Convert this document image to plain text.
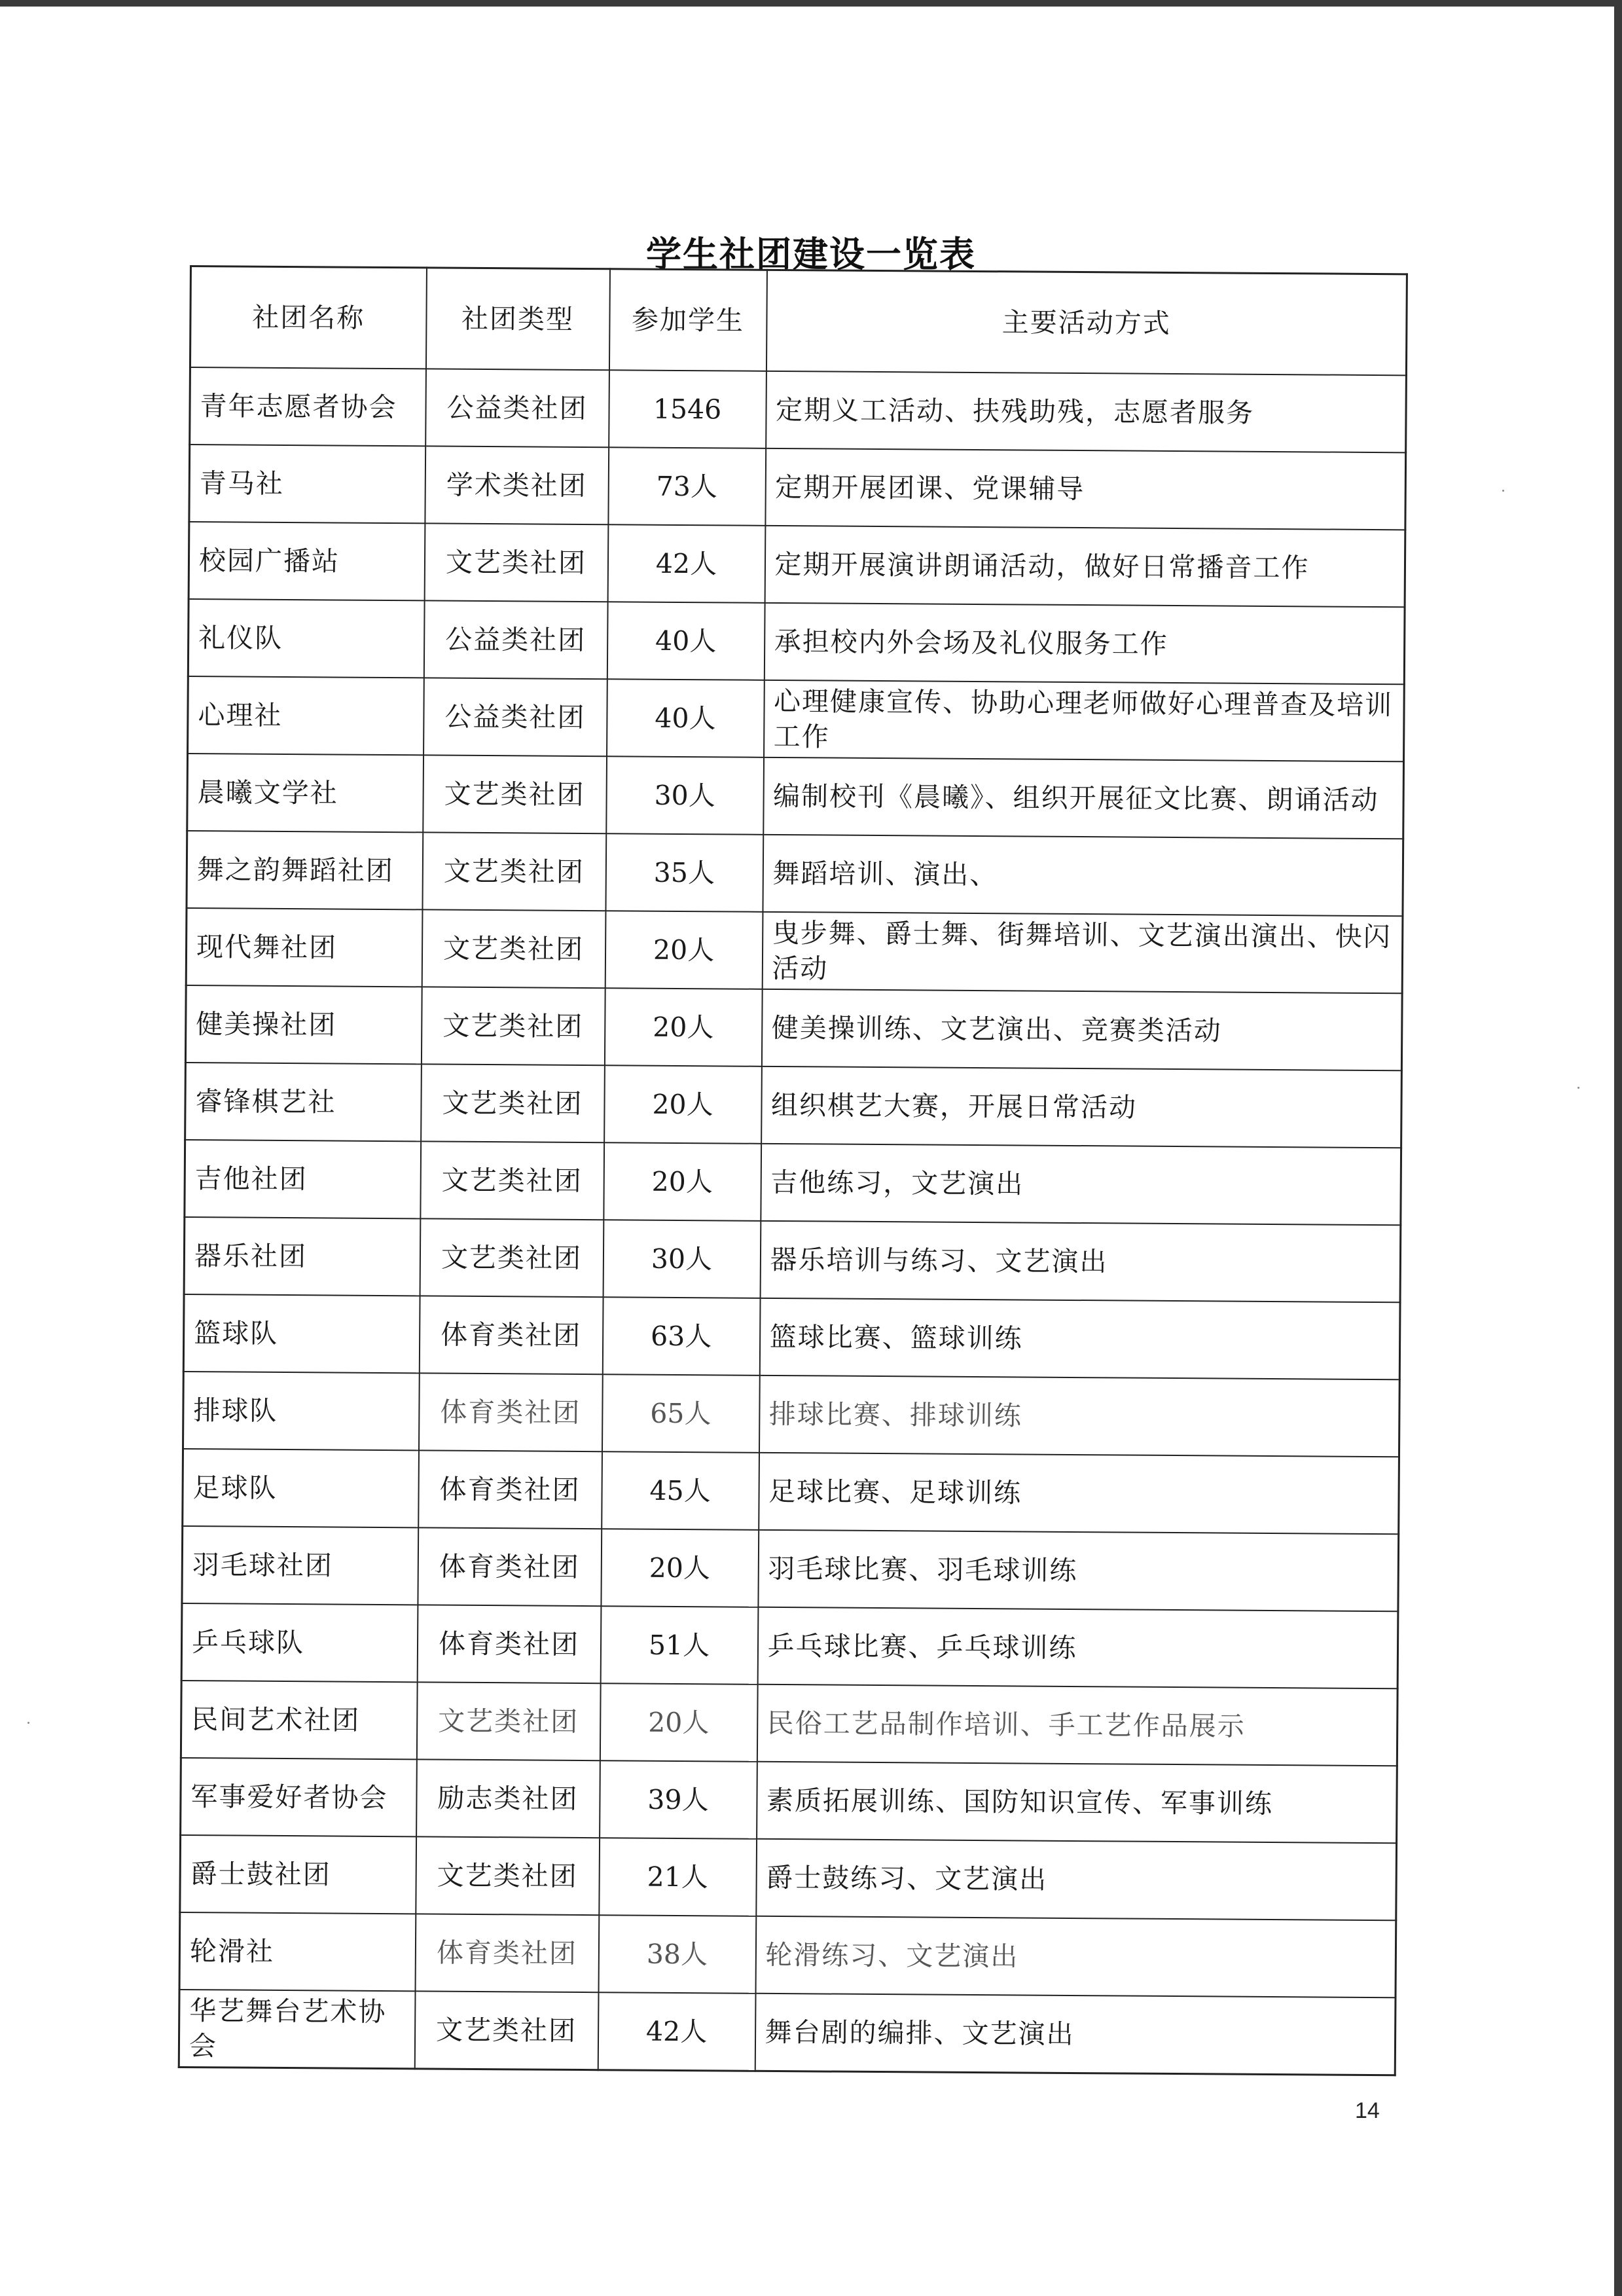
学生社团建设一览表
社团名称	社团类型	参加学生	主要活动方式
青年志愿者协会	公益类社团	1546	定期义工活动、扶残助残，志愿者服务
青马社	学术类社团	73人	定期开展团课、党课辅导
校园广播站	文艺类社团	42人	定期开展演讲朗诵活动，做好日常播音工作
礼仪队	公益类社团	40人	承担校内外会场及礼仪服务工作
心理社	公益类社团	40人	心理健康宣传、协助心理老师做好心理普查及培训工作
晨曦文学社	文艺类社团	30人	编制校刊《晨曦》、组织开展征文比赛、朗诵活动
舞之韵舞蹈社团	文艺类社团	35人	舞蹈培训、演出、
现代舞社团	文艺类社团	20人	曳步舞、爵士舞、街舞培训、文艺演出演出、快闪活动
健美操社团	文艺类社团	20人	健美操训练、文艺演出、竞赛类活动
睿锋棋艺社	文艺类社团	20人	组织棋艺大赛，开展日常活动
吉他社团	文艺类社团	20人	吉他练习，文艺演出
器乐社团	文艺类社团	30人	器乐培训与练习、文艺演出
篮球队	体育类社团	63人	篮球比赛、篮球训练
排球队	体育类社团	65人	排球比赛、排球训练
足球队	体育类社团	45人	足球比赛、足球训练
羽毛球社团	体育类社团	20人	羽毛球比赛、羽毛球训练
乒乓球队	体育类社团	51人	乒乓球比赛、乒乓球训练
民间艺术社团	文艺类社团	20人	民俗工艺品制作培训、手工艺作品展示
军事爱好者协会	励志类社团	39人	素质拓展训练、国防知识宣传、军事训练
爵士鼓社团	文艺类社团	21人	爵士鼓练习、文艺演出
轮滑社	体育类社团	38人	轮滑练习、文艺演出
华艺舞台艺术协会	文艺类社团	42人	舞台剧的编排、文艺演出
14
